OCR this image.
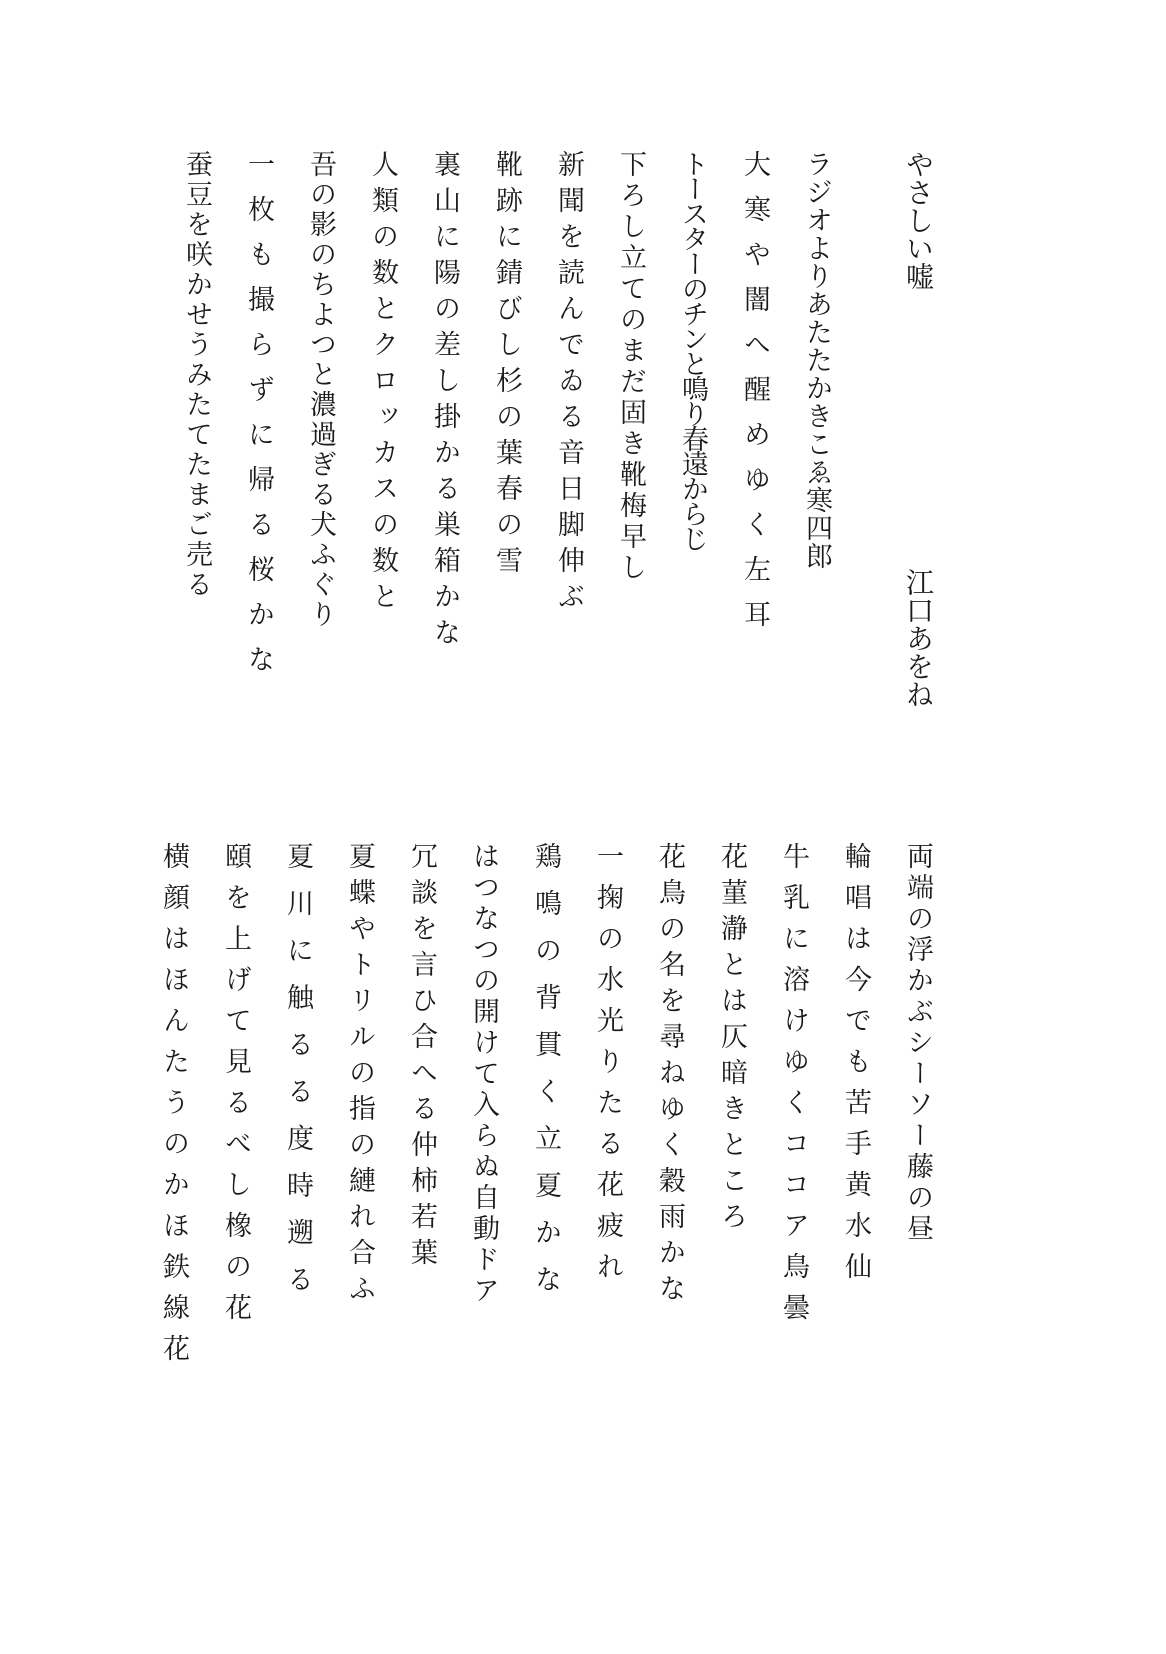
やさしい嘘
江口あをね
ラジオよりあたたかきこゑ寒四郎
大寒や闇へ醒めゆく左耳
トースターのチンと鳴り春遠からじ
下ろし立てのまだ固き靴梅早し
新聞を読んでゐる音日脚伸ぶ
靴跡に錆びし杉の葉春の雪
裏山に陽の差し掛かる巣箱かな
人類の数とクロッカスの数と
吾の影のちよつと濃過ぎる犬ふぐり
一枚も撮らずに帰る桜かな
蚕豆を咲かせうみたてたまご売る
両端の浮かぶシーソー藤の昼
輪唱は今でも苦手黄水仙
牛乳に溶けゆくココア鳥曇
花菫瀞とは仄暗きところ
花鳥の名を尋ねゆく穀雨かな
一掬の水光りたる花疲れ
鶏鳴の背貫く立夏かな
はつなつの開けて入らぬ自動ドア
冗談を言ひ合へる仲柿若葉
夏蝶やトリルの指の縺れ合ふ
夏川に触るる度時遡る
頤を上げて見るべし橡の花
横顔はほんたうのかほ鉄線花
